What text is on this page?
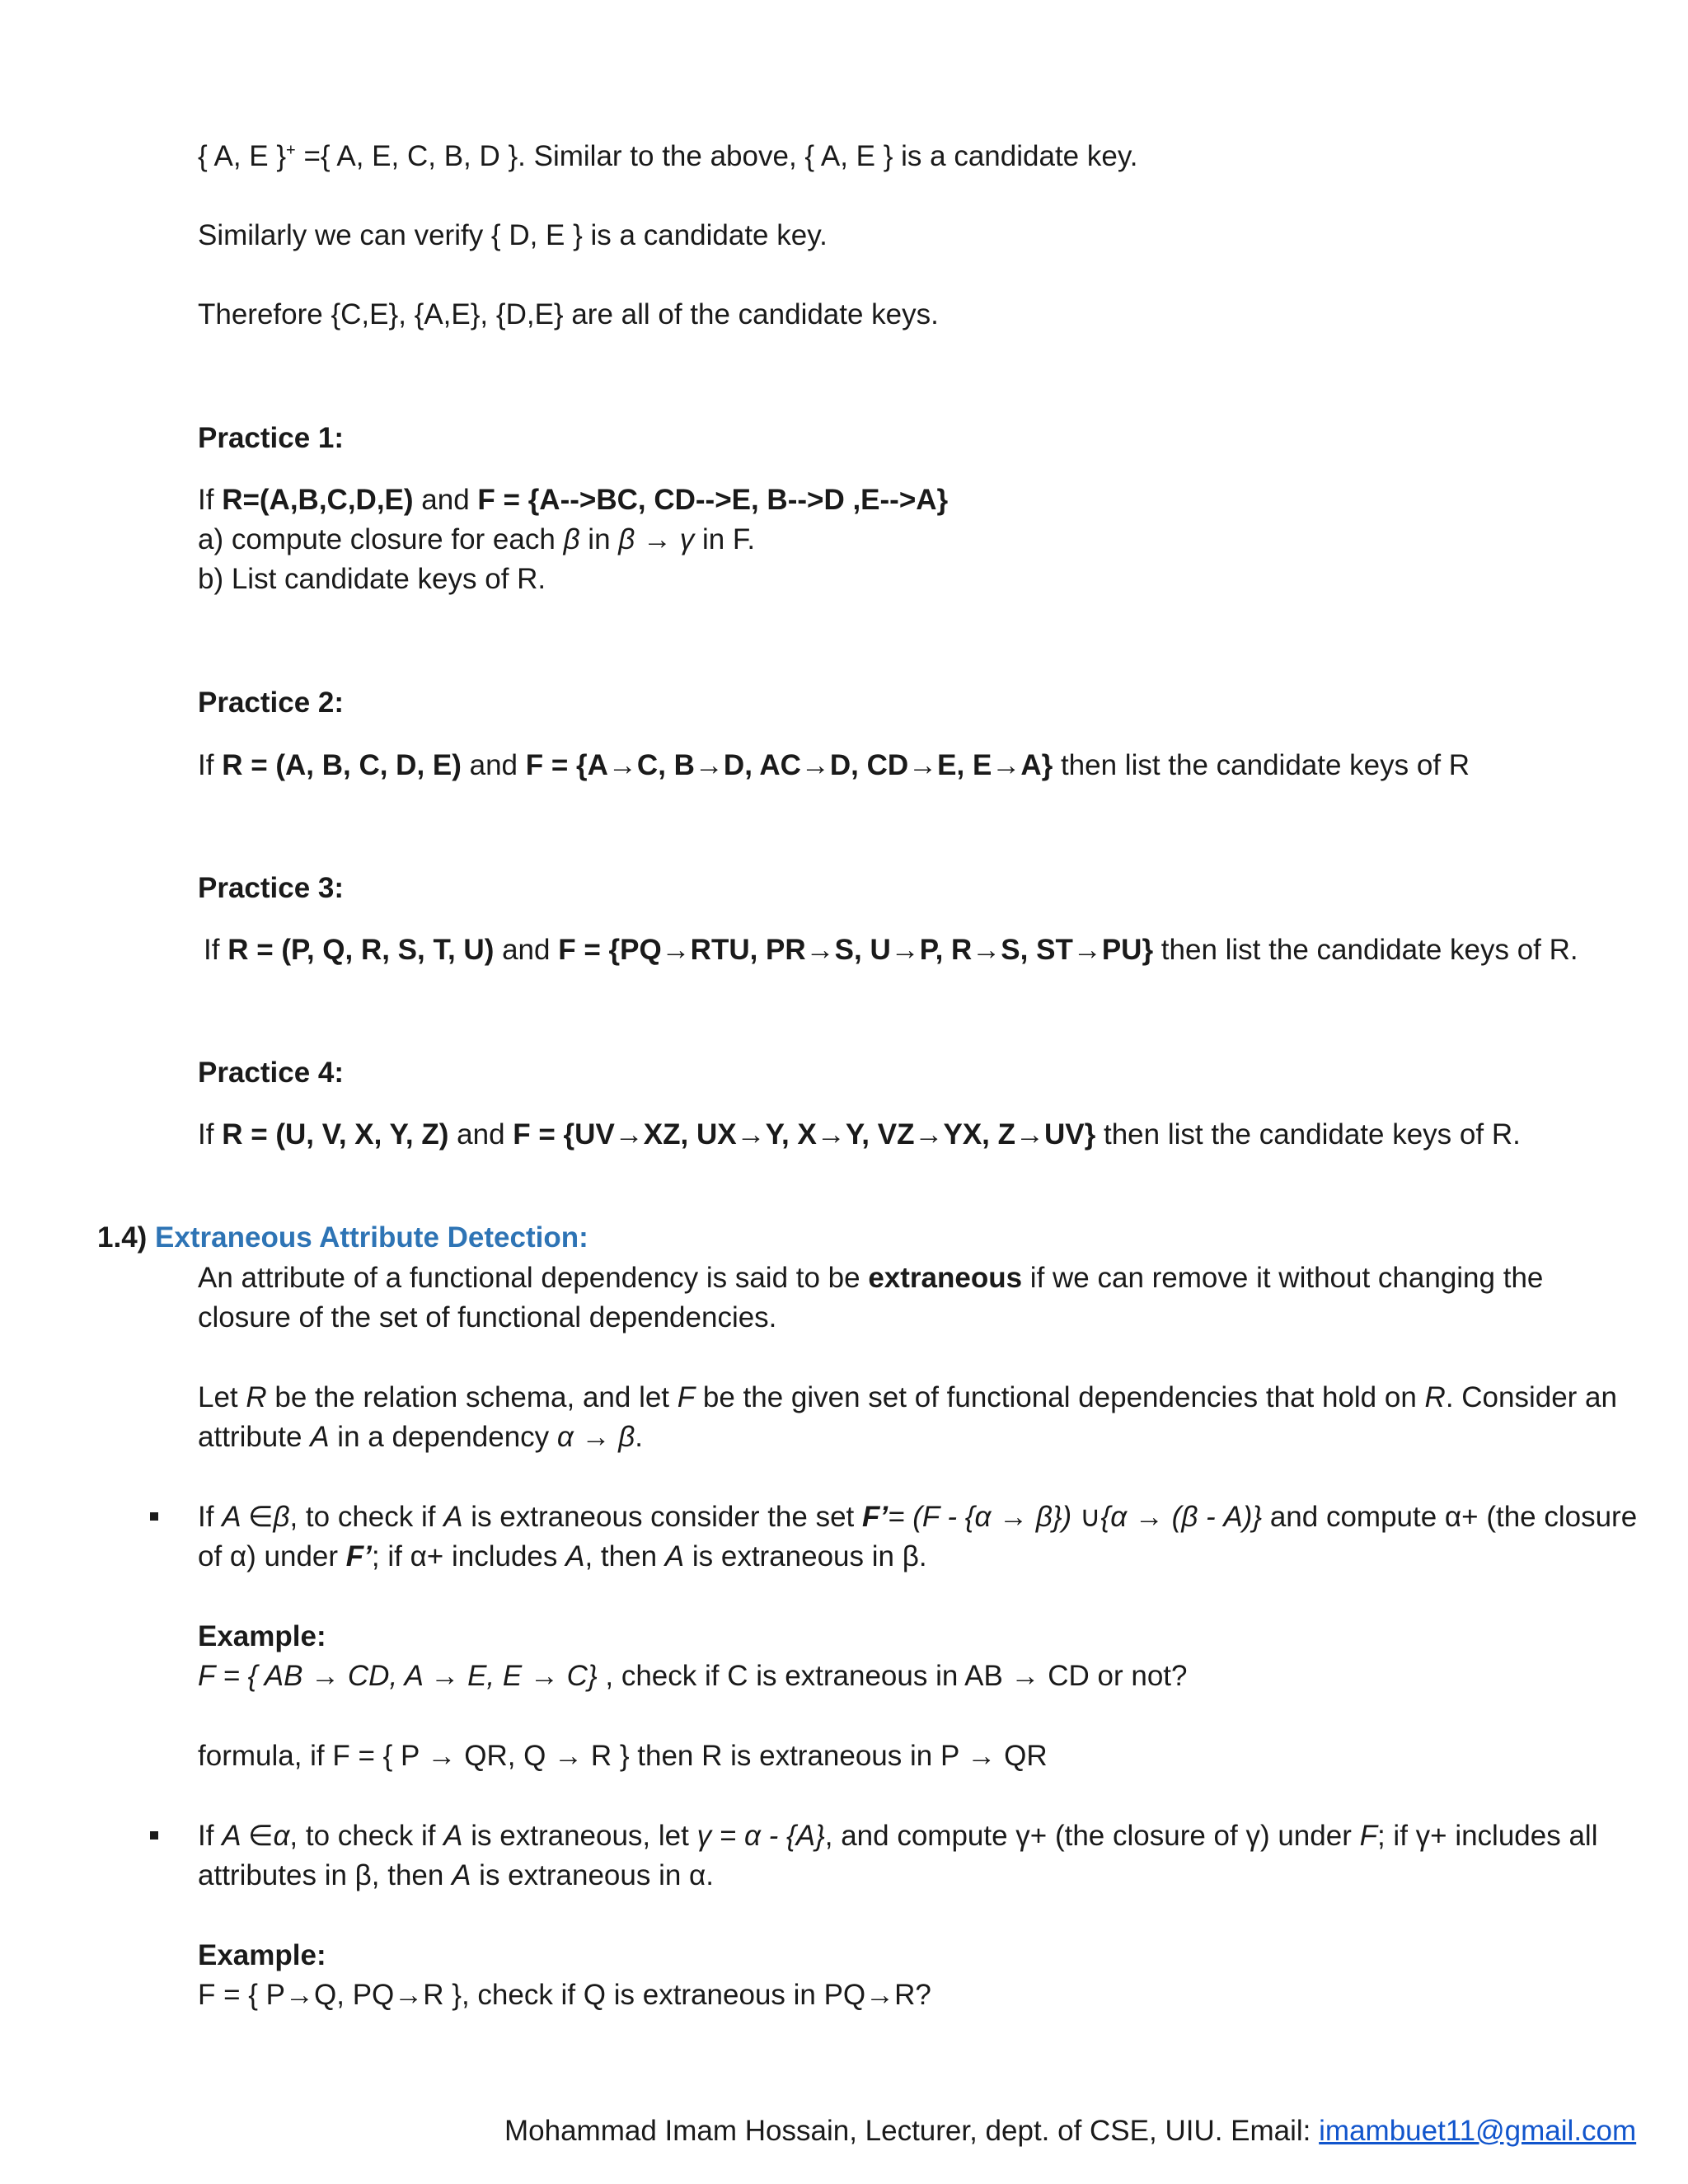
{ A, E }+ ={ A, E, C, B, D }. Similar to the above, { A, E } is a candidate key.
Similarly we can verify { D, E } is a candidate key.
Therefore {C,E}, {A,E}, {D,E} are all of the candidate keys.
Practice 1:
If R=(A,B,C,D,E) and F = {A-->BC, CD-->E, B-->D ,E-->A}
a) compute closure for each β in β → γ in F.
b) List candidate keys of R.
Practice 2:
If R = (A, B, C, D, E) and F = {A→C, B→D, AC→D, CD→E, E→A} then list the candidate keys of R
Practice 3:
If R = (P, Q, R, S, T, U) and F = {PQ→RTU, PR→S, U→P, R→S, ST→PU} then list the candidate keys of R.
Practice 4:
If R = (U, V, X, Y, Z) and F = {UV→XZ, UX→Y, X→Y, VZ→YX, Z→UV} then list the candidate keys of R.
1.4) Extraneous Attribute Detection:
An attribute of a functional dependency is said to be extraneous if we can remove it without changing the
closure of the set of functional dependencies.
Let R be the relation schema, and let F be the given set of functional dependencies that hold on R. Consider an
attribute A in a dependency α → β.
If A ∈β, to check if A is extraneous consider the set F’= (F - {α → β}) ∪{α → (β - A)} and compute α+ (the closure
of α) under F’; if α+ includes A, then A is extraneous in β.
Example:
F = { AB → CD, A → E, E → C} , check if C is extraneous in AB → CD or not?
formula, if F = { P → QR, Q → R } then R is extraneous in P → QR
If A ∈α, to check if A is extraneous, let γ = α - {A}, and compute γ+ (the closure of γ) under F; if γ+ includes all
attributes in β, then A is extraneous in α.
Example:
F = { P→Q, PQ→R }, check if Q is extraneous in PQ→R?
Mohammad Imam Hossain, Lecturer, dept. of CSE, UIU. Email: imambuet11@gmail.com
